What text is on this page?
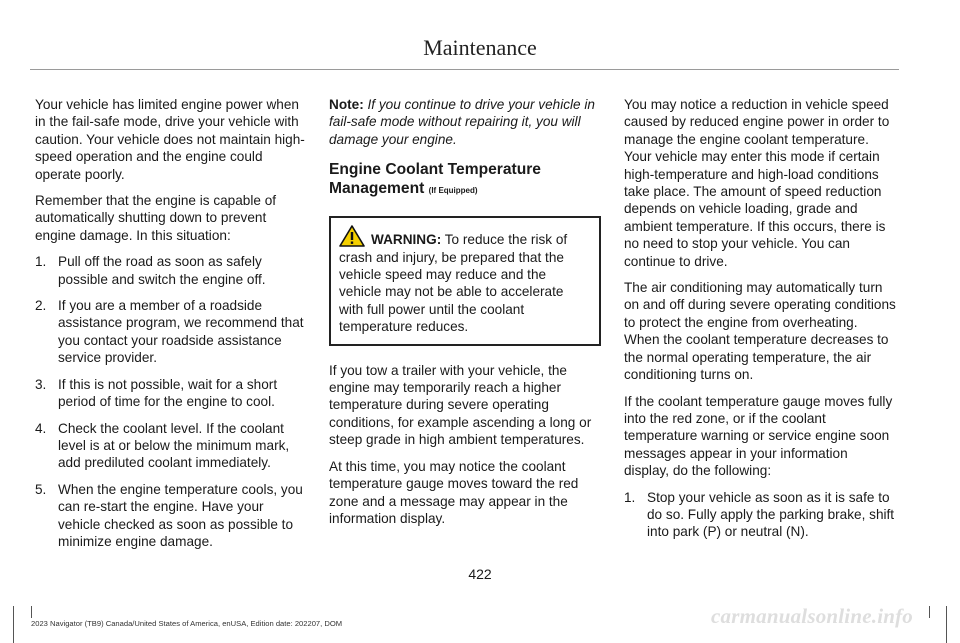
Maintenance

Your vehicle has limited engine power when in the fail-safe mode, drive your vehicle with caution. Your vehicle does not maintain high-speed operation and the engine could operate poorly.

Remember that the engine is capable of automatically shutting down to prevent engine damage. In this situation:

1. Pull off the road as soon as safely possible and switch the engine off.
2. If you are a member of a roadside assistance program, we recommend that you contact your roadside assistance service provider.
3. If this is not possible, wait for a short period of time for the engine to cool.
4. Check the coolant level. If the coolant level is at or below the minimum mark, add prediluted coolant immediately.
5. When the engine temperature cools, you can re-start the engine. Have your vehicle checked as soon as possible to minimize engine damage.

Note: If you continue to drive your vehicle in fail-safe mode without repairing it, you will damage your engine.

Engine Coolant Temperature Management (If Equipped)
WARNING: To reduce the risk of crash and injury, be prepared that the vehicle speed may reduce and the vehicle may not be able to accelerate with full power until the coolant temperature reduces.

If you tow a trailer with your vehicle, the engine may temporarily reach a higher temperature during severe operating conditions, for example ascending a long or steep grade in high ambient temperatures.

At this time, you may notice the coolant temperature gauge moves toward the red zone and a message may appear in the information display.

You may notice a reduction in vehicle speed caused by reduced engine power in order to manage the engine coolant temperature. Your vehicle may enter this mode if certain high-temperature and high-load conditions take place. The amount of speed reduction depends on vehicle loading, grade and ambient temperature. If this occurs, there is no need to stop your vehicle. You can continue to drive.

The air conditioning may automatically turn on and off during severe operating conditions to protect the engine from overheating. When the coolant temperature decreases to the normal operating temperature, the air conditioning turns on.

If the coolant temperature gauge moves fully into the red zone, or if the coolant temperature warning or service engine soon messages appear in your information display, do the following:

1. Stop your vehicle as soon as it is safe to do so. Fully apply the parking brake, shift into park (P) or neutral (N).
422
2023 Navigator (TB9) Canada/United States of America, enUSA, Edition date: 202207, DOM	carmanualsonline.info
